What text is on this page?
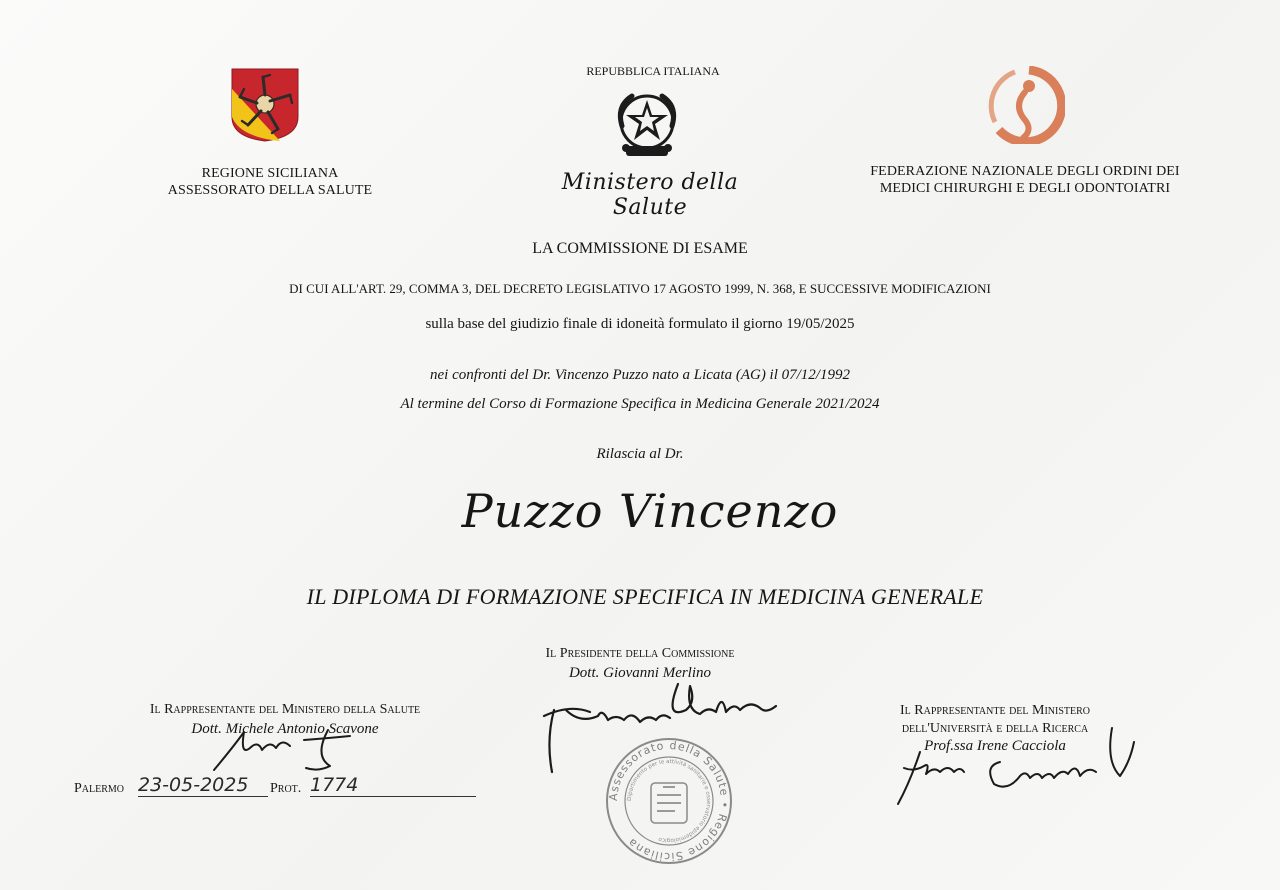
REGIONE SICILIANA
ASSESSORATO DELLA SALUTE
REPUBBLICA ITALIANA
Ministero della Salute
FEDERAZIONE NAZIONALE DEGLI ORDINI DEI
MEDICI CHIRURGHI E DEGLI ODONTOIATRI
LA COMMISSIONE DI ESAME
DI CUI ALL'ART. 29, COMMA 3, DEL DECRETO LEGISLATIVO 17 AGOSTO 1999, N. 368, E SUCCESSIVE MODIFICAZIONI
sulla base del giudizio finale di idoneità formulato il giorno 19/05/2025
nei confronti del Dr. Vincenzo Puzzo nato a Licata (AG) il 07/12/1992
Al termine del Corso di Formazione Specifica in Medicina Generale 2021/2024
Rilascia al Dr.
Puzzo Vincenzo
IL DIPLOMA DI FORMAZIONE SPECIFICA IN MEDICINA GENERALE
Il Presidente della Commissione
Dott. Giovanni Merlino
Il Rappresentante del Ministero della Salute
Dott. Michele Antonio Scavone
Il Rappresentante del Ministero
dell'Università e della Ricerca
Prof.ssa Irene Cacciola
Palermo 23-05-2025	Prot. 1774
Assessorato della Salute • Regione Siciliana
Dipartimento per le attività sanitarie e osservatorio epidemiologico
